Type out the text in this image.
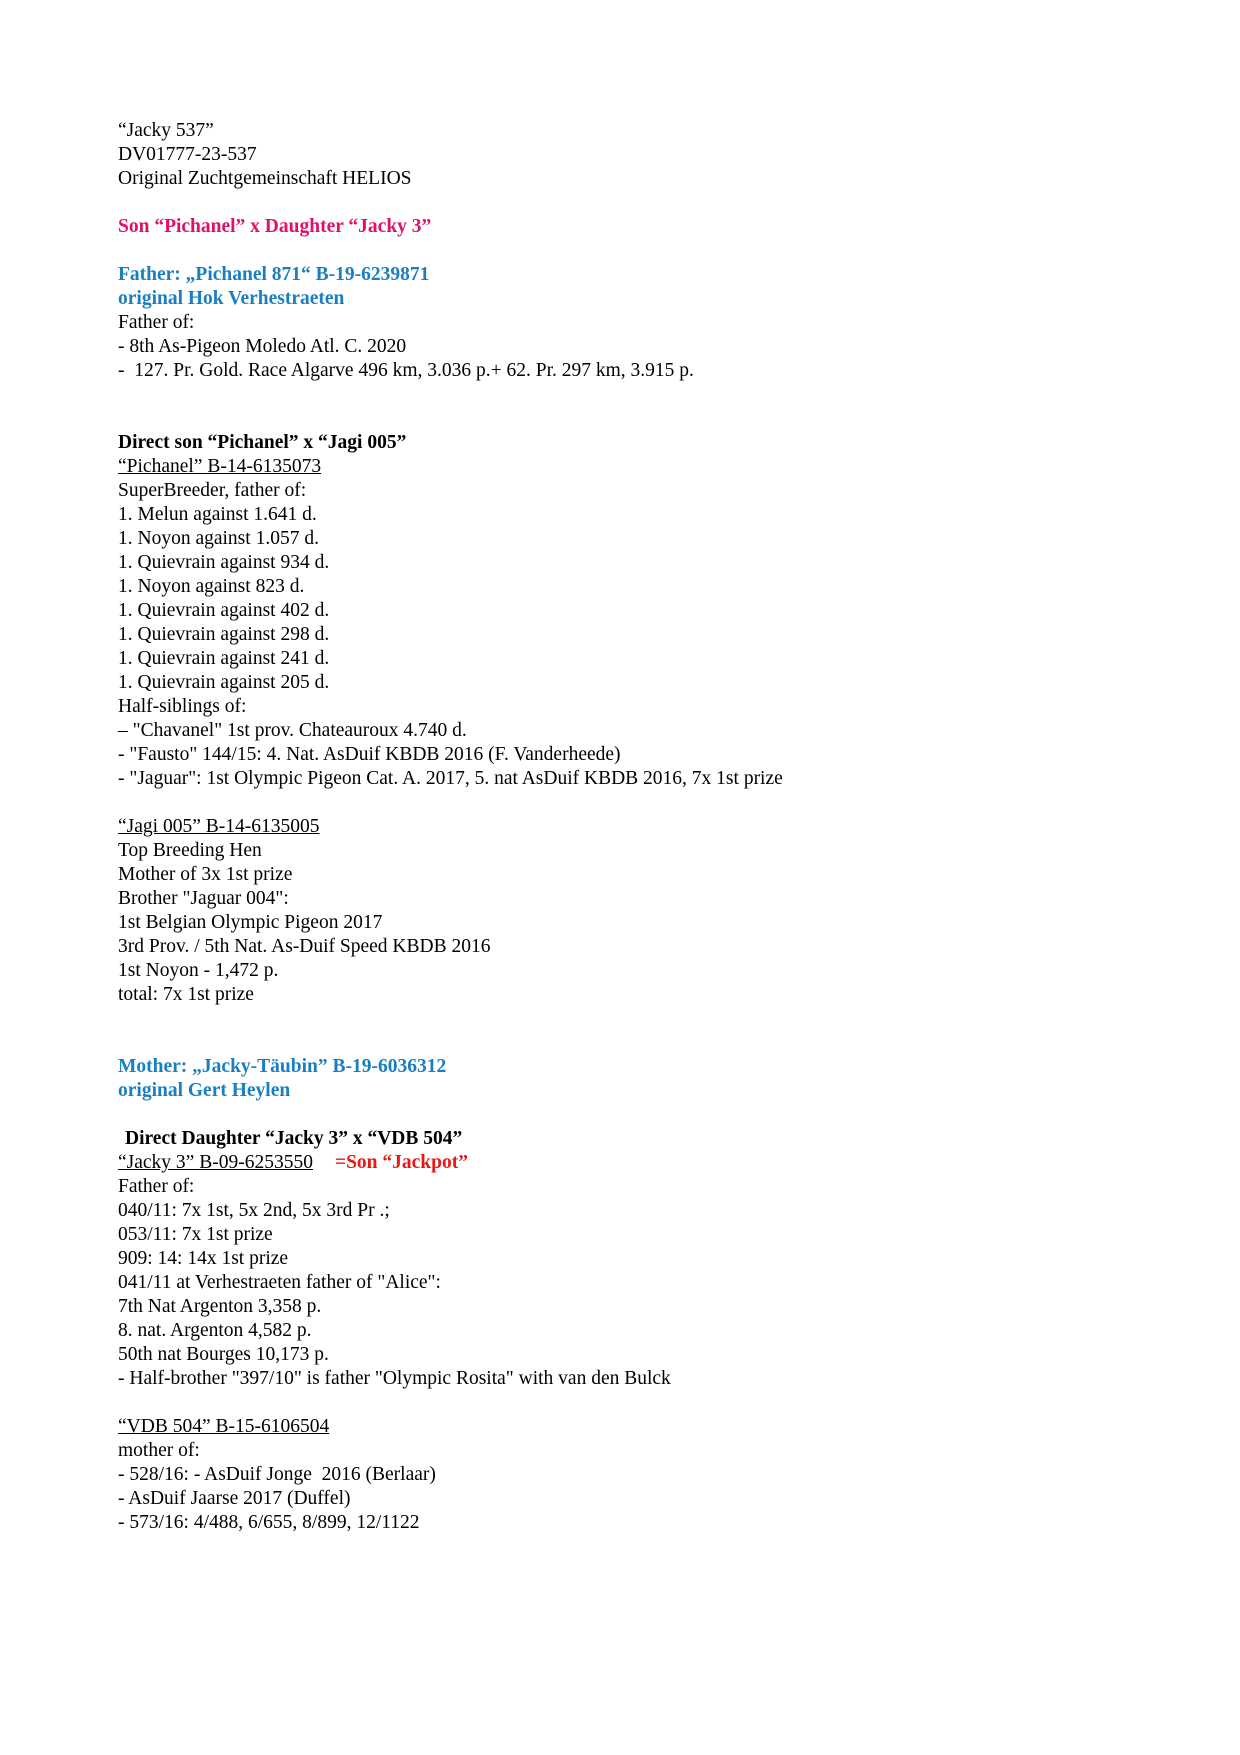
“Jacky 537”
DV01777-23-537
Original Zuchtgemeinschaft HELIOS
Son “Pichanel” x Daughter “Jacky 3”
Father: „Pichanel 871“ B-19-6239871
original Hok Verhestraeten
Father of:
- 8th As-Pigeon Moledo Atl. C. 2020
-  127. Pr. Gold. Race Algarve 496 km, 3.036 p.+ 62. Pr. 297 km, 3.915 p.
Direct son “Pichanel” x “Jagi 005”
“Pichanel” B-14-6135073
SuperBreeder, father of:
1. Melun against 1.641 d.
1. Noyon against 1.057 d.
1. Quievrain against 934 d.
1. Noyon against 823 d.
1. Quievrain against 402 d.
1. Quievrain against 298 d.
1. Quievrain against 241 d.
1. Quievrain against 205 d.
Half-siblings of:
– "Chavanel" 1st prov. Chateauroux 4.740 d.
- "Fausto" 144/15: 4. Nat. AsDuif KBDB 2016 (F. Vanderheede)
- "Jaguar": 1st Olympic Pigeon Cat. A. 2017, 5. nat AsDuif KBDB 2016, 7x 1st prize
“Jagi 005” B-14-6135005
Top Breeding Hen
Mother of 3x 1st prize
Brother "Jaguar 004":
1st Belgian Olympic Pigeon 2017
3rd Prov. / 5th Nat. As-Duif Speed KBDB 2016
1st Noyon - 1,472 p.
total: 7x 1st prize
Mother: „Jacky-Täubin” B-19-6036312
original Gert Heylen
Direct Daughter “Jacky 3” x “VDB 504”
“Jacky 3” B-09-6253550 =Son “Jackpot”
Father of:
040/11: 7x 1st, 5x 2nd, 5x 3rd Pr .;
053/11: 7x 1st prize
909: 14: 14x 1st prize
041/11 at Verhestraeten father of "Alice":
7th Nat Argenton 3,358 p.
8. nat. Argenton 4,582 p.
50th nat Bourges 10,173 p.
- Half-brother "397/10" is father "Olympic Rosita" with van den Bulck
“VDB 504” B-15-6106504
mother of:
- 528/16: - AsDuif Jonge  2016 (Berlaar)
- AsDuif Jaarse 2017 (Duffel)
- 573/16: 4/488, 6/655, 8/899, 12/1122
